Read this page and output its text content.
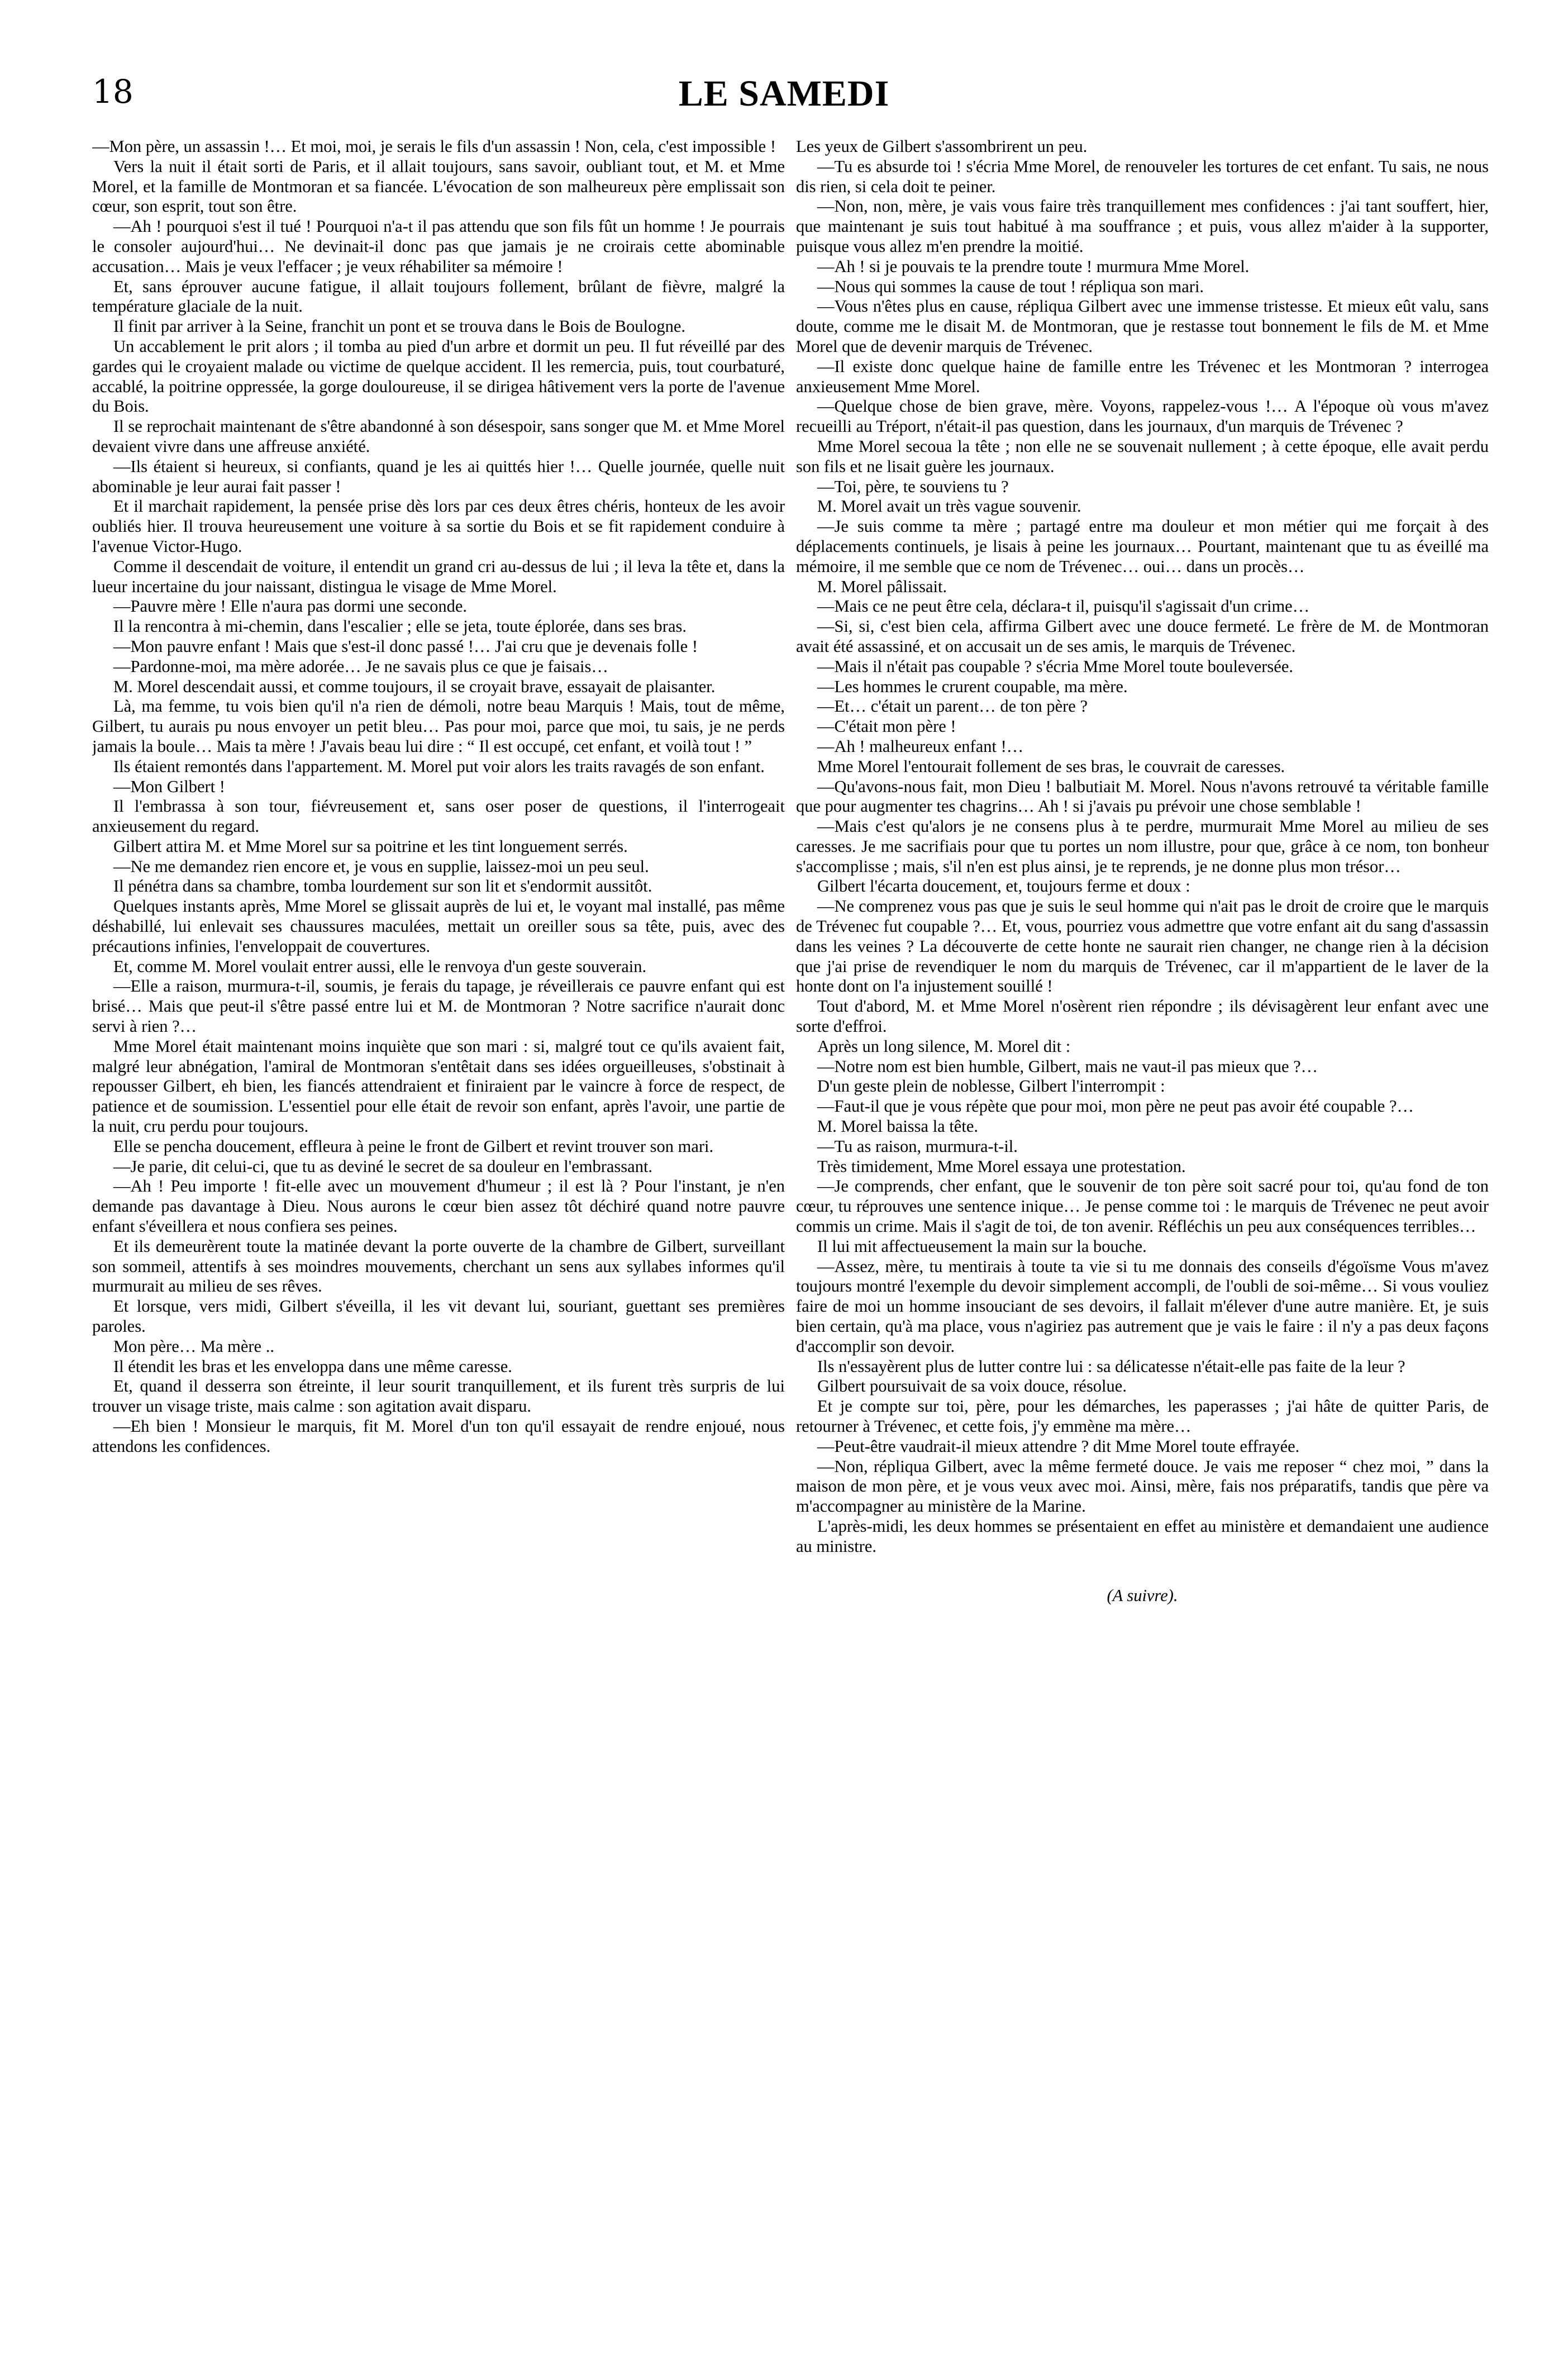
18	LE SAMEDI

—Mon père, un assassin !… Et moi, moi, je serais le fils d'un assassin ! Non, cela, c'est impossible !

Vers la nuit il était sorti de Paris, et il allait toujours, sans savoir, oubliant tout, et M. et Mme Morel, et la famille de Montmoran et sa fiancée. L'évocation de son malheureux père emplissait son cœur, son esprit, tout son être.

—Ah ! pourquoi s'est il tué ! Pourquoi n'a-t il pas attendu que son fils fût un homme ! Je pourrais le consoler aujourd'hui… Ne devinait-il donc pas que jamais je ne croirais cette abominable accusation… Mais je veux l'effacer ; je veux réhabiliter sa mémoire !

Et, sans éprouver aucune fatigue, il allait toujours follement, brûlant de fièvre, malgré la température glaciale de la nuit.

Il finit par arriver à la Seine, franchit un pont et se trouva dans le Bois de Boulogne.

Un accablement le prit alors ; il tomba au pied d'un arbre et dormit un peu. Il fut réveillé par des gardes qui le croyaient malade ou victime de quelque accident. Il les remercia, puis, tout courbaturé, accablé, la poitrine oppressée, la gorge douloureuse, il se dirigea hâtivement vers la porte de l'avenue du Bois.

Il se reprochait maintenant de s'être abandonné à son désespoir, sans songer que M. et Mme Morel devaient vivre dans une affreuse anxiété.

—Ils étaient si heureux, si confiants, quand je les ai quittés hier !… Quelle journée, quelle nuit abominable je leur aurai fait passer !

Et il marchait rapidement, la pensée prise dès lors par ces deux êtres chéris, honteux de les avoir oubliés hier. Il trouva heureusement une voiture à sa sortie du Bois et se fit rapidement conduire à l'avenue Victor-Hugo.

Comme il descendait de voiture, il entendit un grand cri au-dessus de lui ; il leva la tête et, dans la lueur incertaine du jour naissant, distingua le visage de Mme Morel.

—Pauvre mère ! Elle n'aura pas dormi une seconde.

Il la rencontra à mi-chemin, dans l'escalier ; elle se jeta, toute éplorée, dans ses bras.

—Mon pauvre enfant ! Mais que s'est-il donc passé !… J'ai cru que je devenais folle !

—Pardonne-moi, ma mère adorée… Je ne savais plus ce que je faisais…

M. Morel descendait aussi, et comme toujours, il se croyait brave, essayait de plaisanter.

Là, ma femme, tu vois bien qu'il n'a rien de démoli, notre beau Marquis ! Mais, tout de même, Gilbert, tu aurais pu nous envoyer un petit bleu… Pas pour moi, parce que moi, tu sais, je ne perds jamais la boule… Mais ta mère ! J'avais beau lui dire : “ Il est occupé, cet enfant, et voilà tout ! ”

Ils étaient remontés dans l'appartement. M. Morel put voir alors les traits ravagés de son enfant.

—Mon Gilbert !

Il l'embrassa à son tour, fiévreusement et, sans oser poser de questions, il l'interrogeait anxieusement du regard.

Gilbert attira M. et Mme Morel sur sa poitrine et les tint longuement serrés.

—Ne me demandez rien encore et, je vous en supplie, laissez-moi un peu seul.

Il pénétra dans sa chambre, tomba lourdement sur son lit et s'endormit aussitôt.

Quelques instants après, Mme Morel se glissait auprès de lui et, le voyant mal installé, pas même déshabillé, lui enlevait ses chaussures maculées, mettait un oreiller sous sa tête, puis, avec des précautions infinies, l'enveloppait de couvertures.

Et, comme M. Morel voulait entrer aussi, elle le renvoya d'un geste souverain.

—Elle a raison, murmura-t-il, soumis, je ferais du tapage, je réveillerais ce pauvre enfant qui est brisé… Mais que peut-il s'être passé entre lui et M. de Montmoran ? Notre sacrifice n'aurait donc servi à rien ?…

Mme Morel était maintenant moins inquiète que son mari : si, malgré tout ce qu'ils avaient fait, malgré leur abnégation, l'amiral de Montmoran s'entêtait dans ses idées orgueilleuses, s'obstinait à repousser Gilbert, eh bien, les fiancés attendraient et finiraient par le vaincre à force de respect, de patience et de soumission. L'essentiel pour elle était de revoir son enfant, après l'avoir, une partie de la nuit, cru perdu pour toujours.

Elle se pencha doucement, effleura à peine le front de Gilbert et revint trouver son mari.

—Je parie, dit celui-ci, que tu as deviné le secret de sa douleur en l'embrassant.

—Ah ! Peu importe ! fit-elle avec un mouvement d'humeur ; il est là ? Pour l'instant, je n'en demande pas davantage à Dieu. Nous aurons le cœur bien assez tôt déchiré quand notre pauvre enfant s'éveillera et nous confiera ses peines.

Et ils demeurèrent toute la matinée devant la porte ouverte de la chambre de Gilbert, surveillant son sommeil, attentifs à ses moindres mouvements, cherchant un sens aux syllabes informes qu'il murmurait au milieu de ses rêves.

Et lorsque, vers midi, Gilbert s'éveilla, il les vit devant lui, souriant, guettant ses premières paroles.

Mon père… Ma mère ..

Il étendit les bras et les enveloppa dans une même caresse.

Et, quand il desserra son étreinte, il leur sourit tranquillement, et ils furent très surpris de lui trouver un visage triste, mais calme : son agitation avait disparu.

—Eh bien ! Monsieur le marquis, fit M. Morel d'un ton qu'il essayait de rendre enjoué, nous attendons les confidences.

Les yeux de Gilbert s'assombrirent un peu.

—Tu es absurde toi ! s'écria Mme Morel, de renouveler les tortures de cet enfant. Tu sais, ne nous dis rien, si cela doit te peiner.

—Non, non, mère, je vais vous faire très tranquillement mes confidences : j'ai tant souffert, hier, que maintenant je suis tout habitué à ma souffrance ; et puis, vous allez m'aider à la supporter, puisque vous allez m'en prendre la moitié.

—Ah ! si je pouvais te la prendre toute ! murmura Mme Morel.

—Nous qui sommes la cause de tout ! répliqua son mari.

—Vous n'êtes plus en cause, répliqua Gilbert avec une immense tristesse. Et mieux eût valu, sans doute, comme me le disait M. de Montmoran, que je restasse tout bonnement le fils de M. et Mme Morel que de devenir marquis de Trévenec.

—Il existe donc quelque haine de famille entre les Trévenec et les Montmoran ? interrogea anxieusement Mme Morel.

—Quelque chose de bien grave, mère. Voyons, rappelez-vous !… A l'époque où vous m'avez recueilli au Tréport, n'était-il pas question, dans les journaux, d'un marquis de Trévenec ?

Mme Morel secoua la tête ; non elle ne se souvenait nullement ; à cette époque, elle avait perdu son fils et ne lisait guère les journaux.

—Toi, père, te souviens tu ?

M. Morel avait un très vague souvenir.

—Je suis comme ta mère ; partagé entre ma douleur et mon métier qui me forçait à des déplacements continuels, je lisais à peine les journaux… Pourtant, maintenant que tu as éveillé ma mémoire, il me semble que ce nom de Trévenec… oui… dans un procès…

M. Morel pâlissait.

—Mais ce ne peut être cela, déclara-t il, puisqu'il s'agissait d'un crime…

—Si, si, c'est bien cela, affirma Gilbert avec une douce fermeté. Le frère de M. de Montmoran avait été assassiné, et on accusait un de ses amis, le marquis de Trévenec.

—Mais il n'était pas coupable ? s'écria Mme Morel toute bouleversée.

—Les hommes le crurent coupable, ma mère.

—Et… c'était un parent… de ton père ?

—C'était mon père !

—Ah ! malheureux enfant !…

Mme Morel l'entourait follement de ses bras, le couvrait de caresses.

—Qu'avons-nous fait, mon Dieu ! balbutiait M. Morel. Nous n'avons retrouvé ta véritable famille que pour augmenter tes chagrins… Ah ! si j'avais pu prévoir une chose semblable !

—Mais c'est qu'alors je ne consens plus à te perdre, murmurait Mme Morel au milieu de ses caresses. Je me sacrifiais pour que tu portes un nom illustre, pour que, grâce à ce nom, ton bonheur s'accomplisse ; mais, s'il n'en est plus ainsi, je te reprends, je ne donne plus mon trésor…

Gilbert l'écarta doucement, et, toujours ferme et doux :

—Ne comprenez vous pas que je suis le seul homme qui n'ait pas le droit de croire que le marquis de Trévenec fut coupable ?… Et, vous, pourriez vous admettre que votre enfant ait du sang d'assassin dans les veines ? La découverte de cette honte ne saurait rien changer, ne change rien à la décision que j'ai prise de revendiquer le nom du marquis de Trévenec, car il m'appartient de le laver de la honte dont on l'a injustement souillé !

Tout d'abord, M. et Mme Morel n'osèrent rien répondre ; ils dévisagèrent leur enfant avec une sorte d'effroi.

Après un long silence, M. Morel dit :

—Notre nom est bien humble, Gilbert, mais ne vaut-il pas mieux que ?…

D'un geste plein de noblesse, Gilbert l'interrompit :

—Faut-il que je vous répète que pour moi, mon père ne peut pas avoir été coupable ?…

M. Morel baissa la tête.

—Tu as raison, murmura-t-il.

Très timidement, Mme Morel essaya une protestation.

—Je comprends, cher enfant, que le souvenir de ton père soit sacré pour toi, qu'au fond de ton cœur, tu réprouves une sentence inique… Je pense comme toi : le marquis de Trévenec ne peut avoir commis un crime. Mais il s'agit de toi, de ton avenir. Réfléchis un peu aux conséquences terribles…

Il lui mit affectueusement la main sur la bouche.

—Assez, mère, tu mentirais à toute ta vie si tu me donnais des conseils d'égoïsme Vous m'avez toujours montré l'exemple du devoir simplement accompli, de l'oubli de soi-même… Si vous vouliez faire de moi un homme insouciant de ses devoirs, il fallait m'élever d'une autre manière. Et, je suis bien certain, qu'à ma place, vous n'agiriez pas autrement que je vais le faire : il n'y a pas deux façons d'accomplir son devoir.

Ils n'essayèrent plus de lutter contre lui : sa délicatesse n'était-elle pas faite de la leur ?

Gilbert poursuivait de sa voix douce, résolue.

Et je compte sur toi, père, pour les démarches, les paperasses ; j'ai hâte de quitter Paris, de retourner à Trévenec, et cette fois, j'y emmène ma mère…

—Peut-être vaudrait-il mieux attendre ? dit Mme Morel toute effrayée.

—Non, répliqua Gilbert, avec la même fermeté douce. Je vais me reposer “ chez moi, ” dans la maison de mon père, et je vous veux avec moi. Ainsi, mère, fais nos préparatifs, tandis que père va m'accompagner au ministère de la Marine.

L'après-midi, les deux hommes se présentaient en effet au ministère et demandaient une audience au ministre.

(A suivre).
